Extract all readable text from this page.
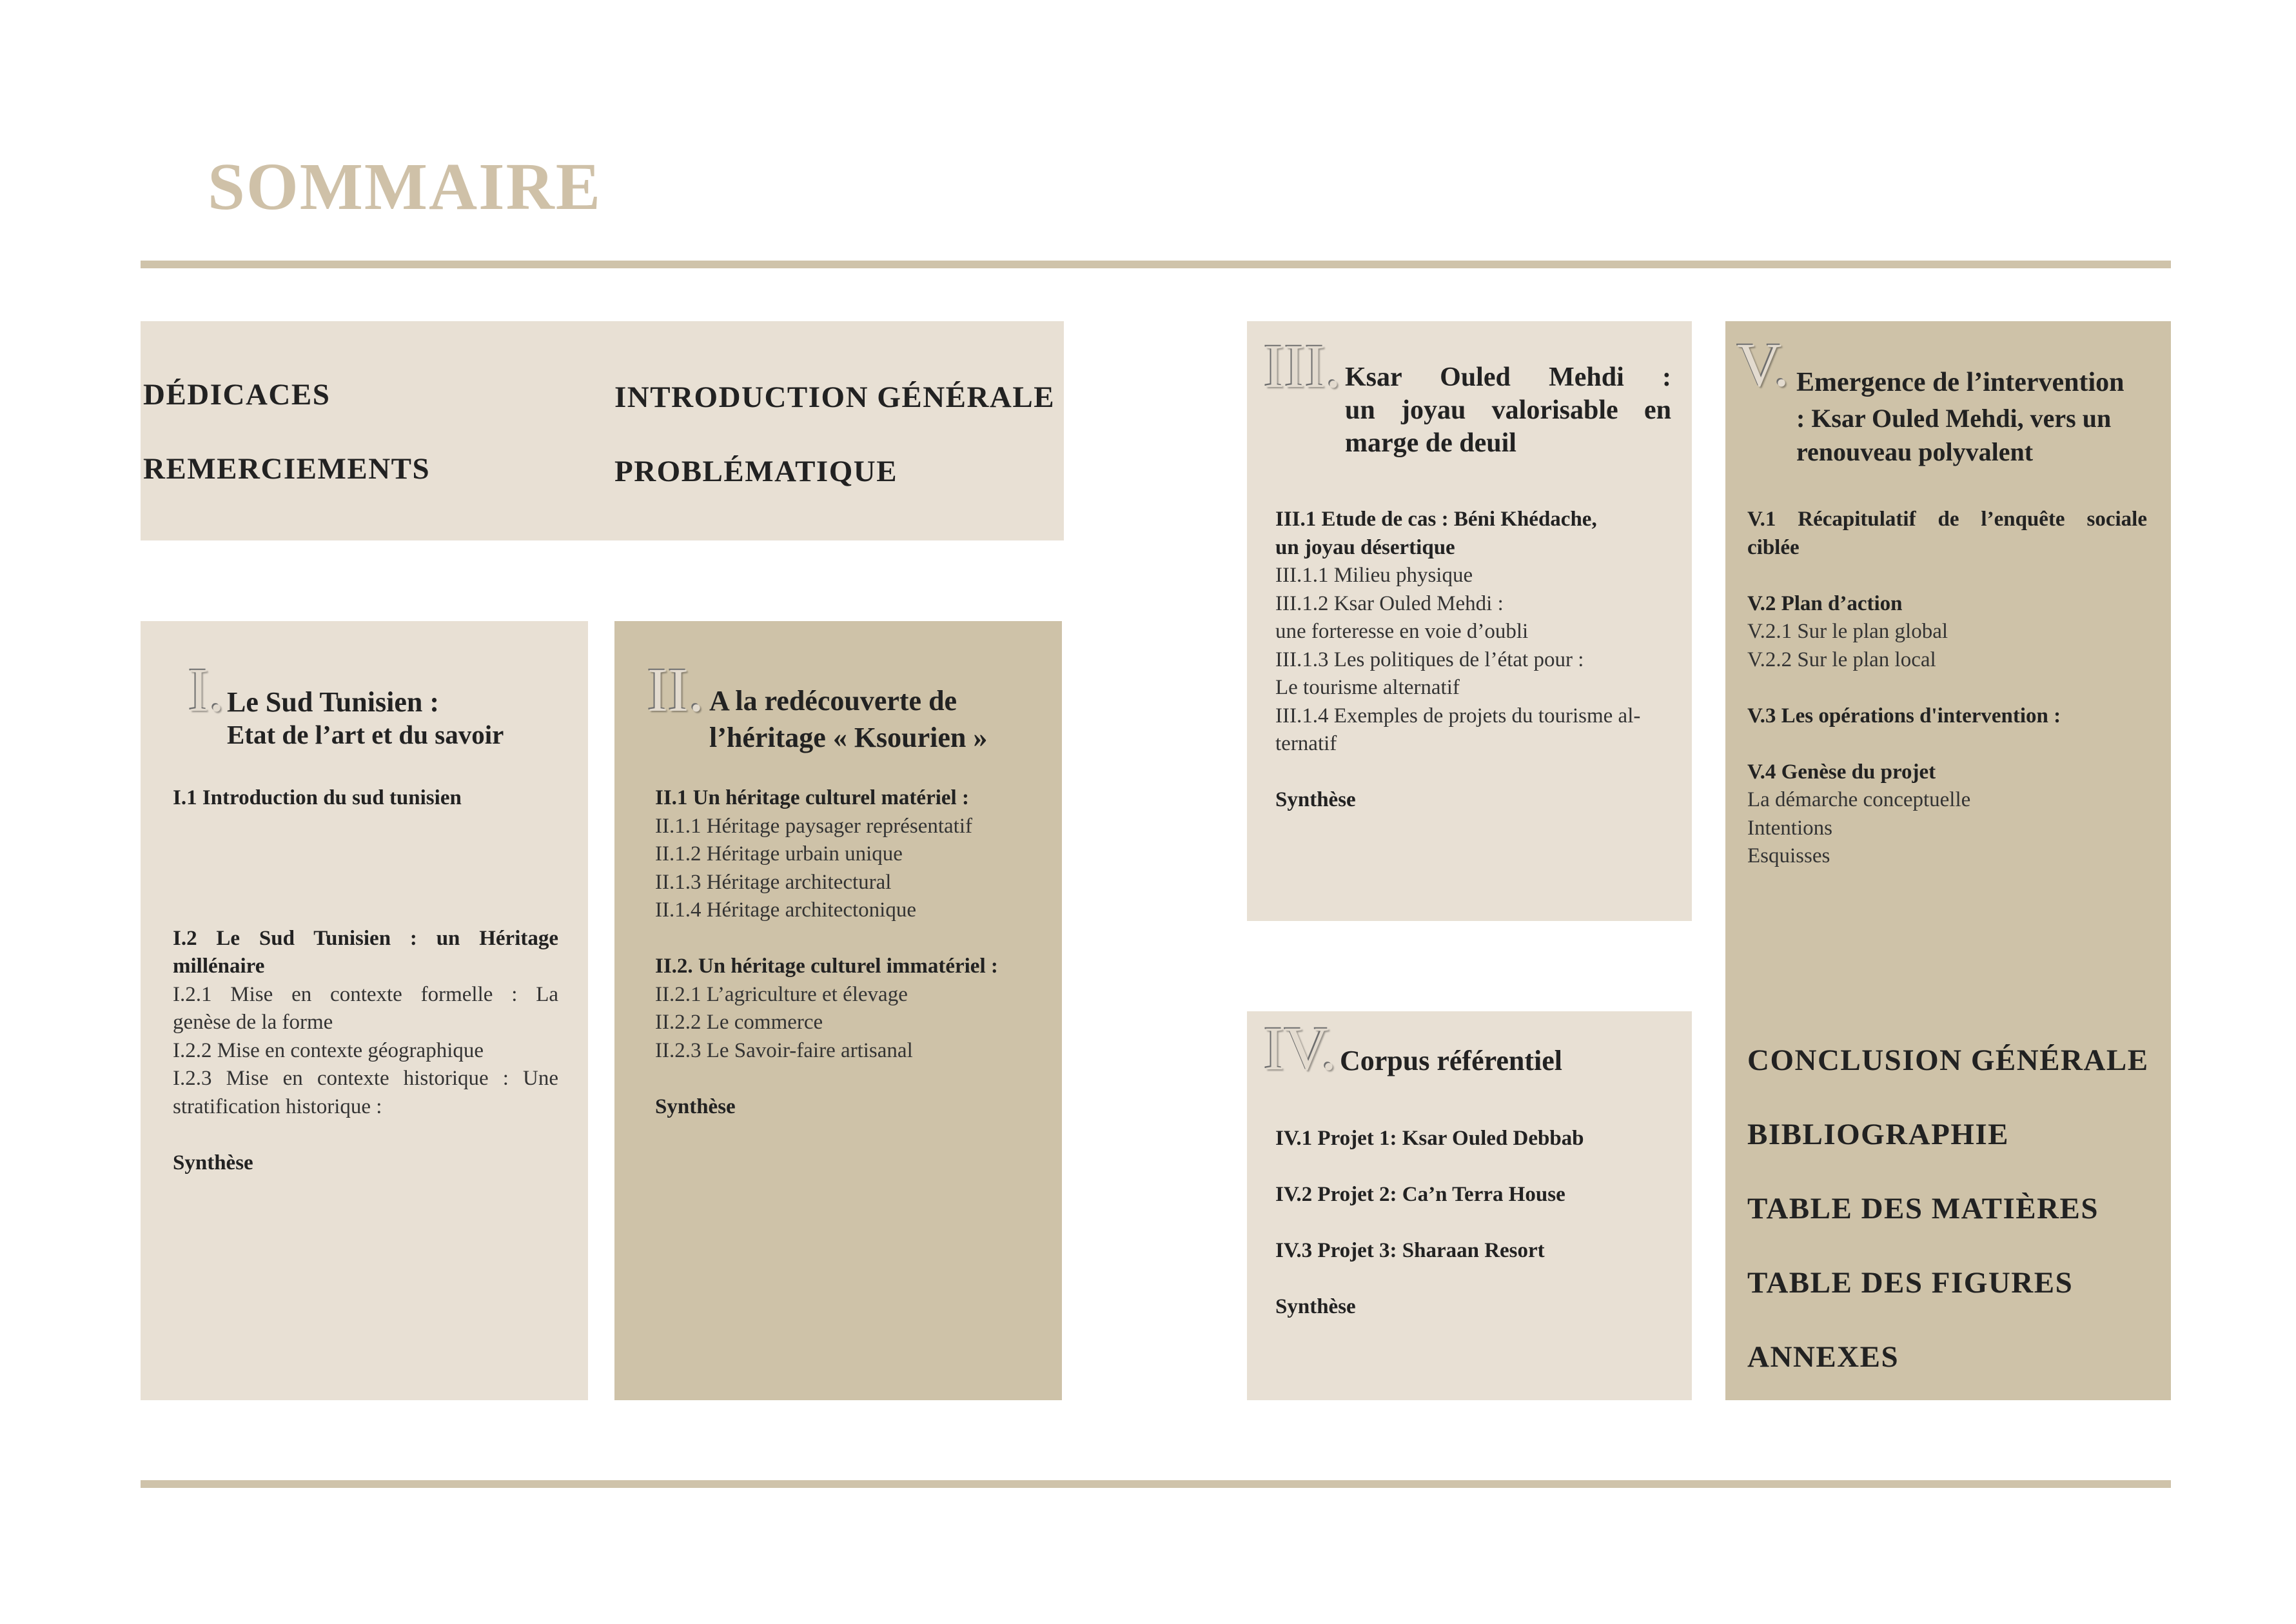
SOMMAIRE
DÉDICACES
REMERCIEMENTS
INTRODUCTION GÉNÉRALE
PROBLÉMATIQUE
I. Le Sud Tunisien :
Etat de l’art et du savoir
I.1 Introduction du sud tunisien
I.2 Le Sud Tunisien : un Héritage
millénaire
I.2.1 Mise en contexte formelle : La
genèse de la forme
I.2.2 Mise en contexte géographique
I.2.3 Mise en contexte historique : Une
stratification historique :
Synthèse
II. A la redécouverte de
l’héritage « Ksourien »
II.1 Un héritage culturel matériel :
II.1.1 Héritage paysager représentatif
II.1.2 Héritage urbain unique
II.1.3 Héritage architectural
II.1.4 Héritage architectonique
II.2. Un héritage culturel immatériel :
II.2.1 L’agriculture et élevage
II.2.2 Le commerce
II.2.3 Le Savoir-faire artisanal
Synthèse
III. Ksar Ouled Mehdi :
un joyau valorisable en
marge de deuil
III.1 Etude de cas : Béni Khédache,
un joyau désertique
III.1.1 Milieu physique
III.1.2 Ksar Ouled Mehdi :
une forteresse en voie d’oubli
III.1.3 Les politiques de l’état pour :
Le tourisme alternatif
III.1.4 Exemples de projets du tourisme al-
ternatif
Synthèse
IV. Corpus référentiel
IV.1 Projet 1: Ksar Ouled Debbab
IV.2 Projet 2: Ca’n Terra House
IV.3 Projet 3: Sharaan Resort
Synthèse
V. Emergence de l’intervention
: Ksar Ouled Mehdi, vers un
renouveau polyvalent
V.1 Récapitulatif de l’enquête sociale
ciblée
V.2 Plan d’action
V.2.1 Sur le plan global
V.2.2 Sur le plan local
V.3 Les opérations d'intervention :
V.4 Genèse du projet
La démarche conceptuelle
Intentions
Esquisses
CONCLUSION GÉNÉRALE
BIBLIOGRAPHIE
TABLE DES MATIÈRES
TABLE DES FIGURES
ANNEXES
